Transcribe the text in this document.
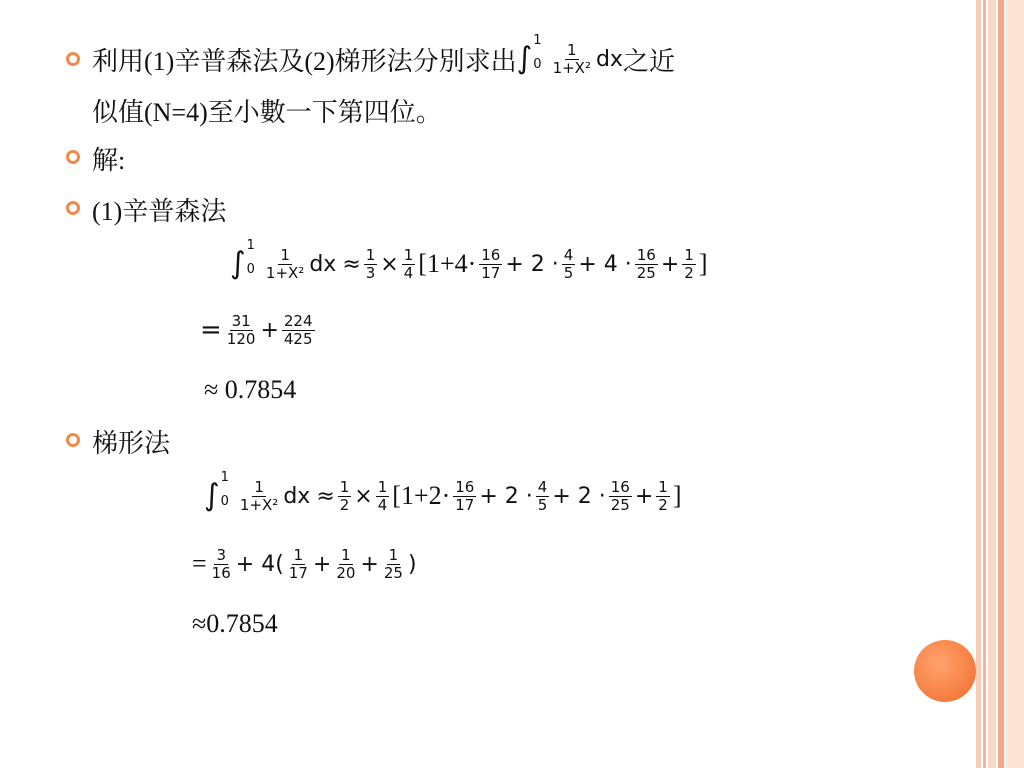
利用(1)辛普森法及(2)梯形法分別求出 ∫
1
$0 \frac{1}{\text{1+X²}}$ dx 之近
似值(N=4)至小數一下第四位。
解:
(1)辛普森法
∫
1
$0 \frac{1}{\text{1+X²}}$ dx ≈ $\frac{1}{3} \times \frac{1}{4} [1+4\cdot \frac{16}{17} + 2 \cdot \frac{4}{5} + 4 \cdot \frac{16}{25} + \frac{1}{2}$ ]
= $\frac{31}{120} + \frac{224}{425}$
≈ 0.7854
梯形法
∫
1
$0 \frac{1}{\text{1+X²}}$ dx ≈ $\frac{1}{2} \times \frac{1}{4} [1+2\cdot \frac{16}{17} + 2 \cdot \frac{4}{5} + 2 \cdot \frac{16}{25} + \frac{1}{2}$ ]
= $\frac{3}{16} + 4( \frac{1}{17} + \frac{1}{20} + \frac{1}{25}$ )
≈0.7854
